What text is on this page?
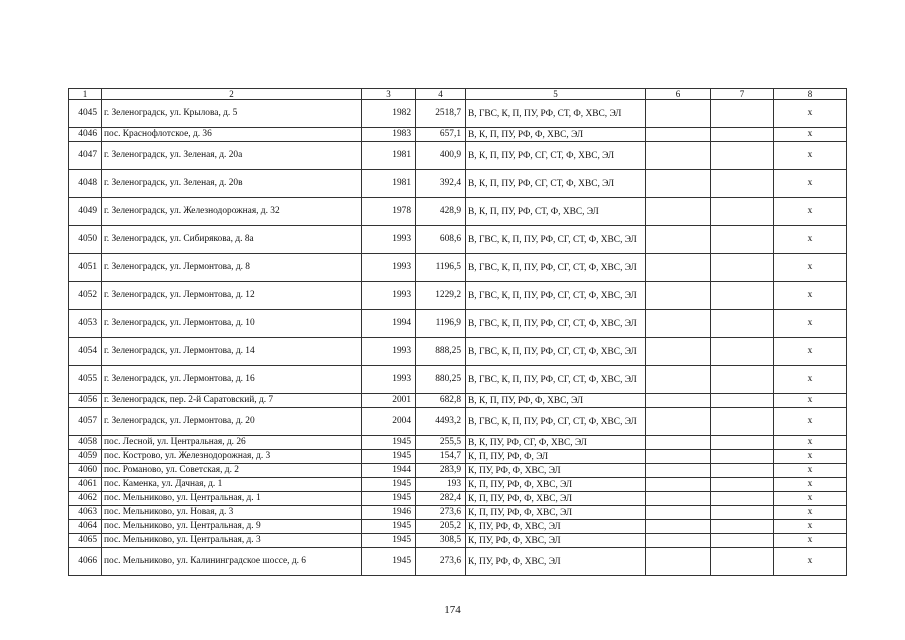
1	2	3	4	5	6	7	8
4045	г. Зеленоградск, ул. Крылова, д. 5	1982	2518,7	В, ГВС, К, П, ПУ, РФ, СТ, Ф, ХВС, ЭЛ			x
4046	пос. Краснофлотское, д. 36	1983	657,1	В, К, П, ПУ, РФ, Ф, ХВС, ЭЛ			x
4047	г. Зеленоградск, ул. Зеленая, д. 20а	1981	400,9	В, К, П, ПУ, РФ, СГ, СТ, Ф, ХВС, ЭЛ			x
4048	г. Зеленоградск, ул. Зеленая, д. 20в	1981	392,4	В, К, П, ПУ, РФ, СГ, СТ, Ф, ХВС, ЭЛ			x
4049	г. Зеленоградск, ул. Железнодорожная, д. 32	1978	428,9	В, К, П, ПУ, РФ, СТ, Ф, ХВС, ЭЛ			x
4050	г. Зеленоградск, ул. Сибирякова, д. 8а	1993	608,6	В, ГВС, К, П, ПУ, РФ, СГ, СТ, Ф, ХВС, ЭЛ			x
4051	г. Зеленоградск, ул. Лермонтова, д. 8	1993	1196,5	В, ГВС, К, П, ПУ, РФ, СГ, СТ, Ф, ХВС, ЭЛ			x
4052	г. Зеленоградск, ул. Лермонтова, д. 12	1993	1229,2	В, ГВС, К, П, ПУ, РФ, СГ, СТ, Ф, ХВС, ЭЛ			x
4053	г. Зеленоградск, ул. Лермонтова, д. 10	1994	1196,9	В, ГВС, К, П, ПУ, РФ, СГ, СТ, Ф, ХВС, ЭЛ			x
4054	г. Зеленоградск, ул. Лермонтова, д. 14	1993	888,25	В, ГВС, К, П, ПУ, РФ, СГ, СТ, Ф, ХВС, ЭЛ			x
4055	г. Зеленоградск, ул. Лермонтова, д. 16	1993	880,25	В, ГВС, К, П, ПУ, РФ, СГ, СТ, Ф, ХВС, ЭЛ			x
4056	г. Зеленоградск, пер. 2-й Саратовский, д. 7	2001	682,8	В, К, П, ПУ, РФ, Ф, ХВС, ЭЛ			x
4057	г. Зеленоградск, ул. Лермонтова, д. 20	2004	4493,2	В, ГВС, К, П, ПУ, РФ, СГ, СТ, Ф, ХВС, ЭЛ			x
4058	пос. Лесной, ул. Центральная, д. 26	1945	255,5	В, К, ПУ, РФ, СГ, Ф, ХВС, ЭЛ			x
4059	пос. Кострово, ул. Железнодорожная, д. 3	1945	154,7	К, П, ПУ, РФ, Ф, ЭЛ			x
4060	пос. Романово, ул. Советская, д. 2	1944	283,9	К, ПУ, РФ, Ф, ХВС, ЭЛ			x
4061	пос. Каменка, ул. Дачная, д. 1	1945	193	К, П, ПУ, РФ, Ф, ХВС, ЭЛ			x
4062	пос. Мельниково, ул. Центральная, д. 1	1945	282,4	К, П, ПУ, РФ, Ф, ХВС, ЭЛ			x
4063	пос. Мельниково, ул. Новая, д. 3	1946	273,6	К, П, ПУ, РФ, Ф, ХВС, ЭЛ			x
4064	пос. Мельниково, ул. Центральная, д. 9	1945	205,2	К, ПУ, РФ, Ф, ХВС, ЭЛ			x
4065	пос. Мельниково, ул. Центральная, д. 3	1945	308,5	К, ПУ, РФ, Ф, ХВС, ЭЛ			x
4066	пос. Мельниково, ул. Калининградское шоссе, д. 6	1945	273,6	К, ПУ, РФ, Ф, ХВС, ЭЛ			x
174
